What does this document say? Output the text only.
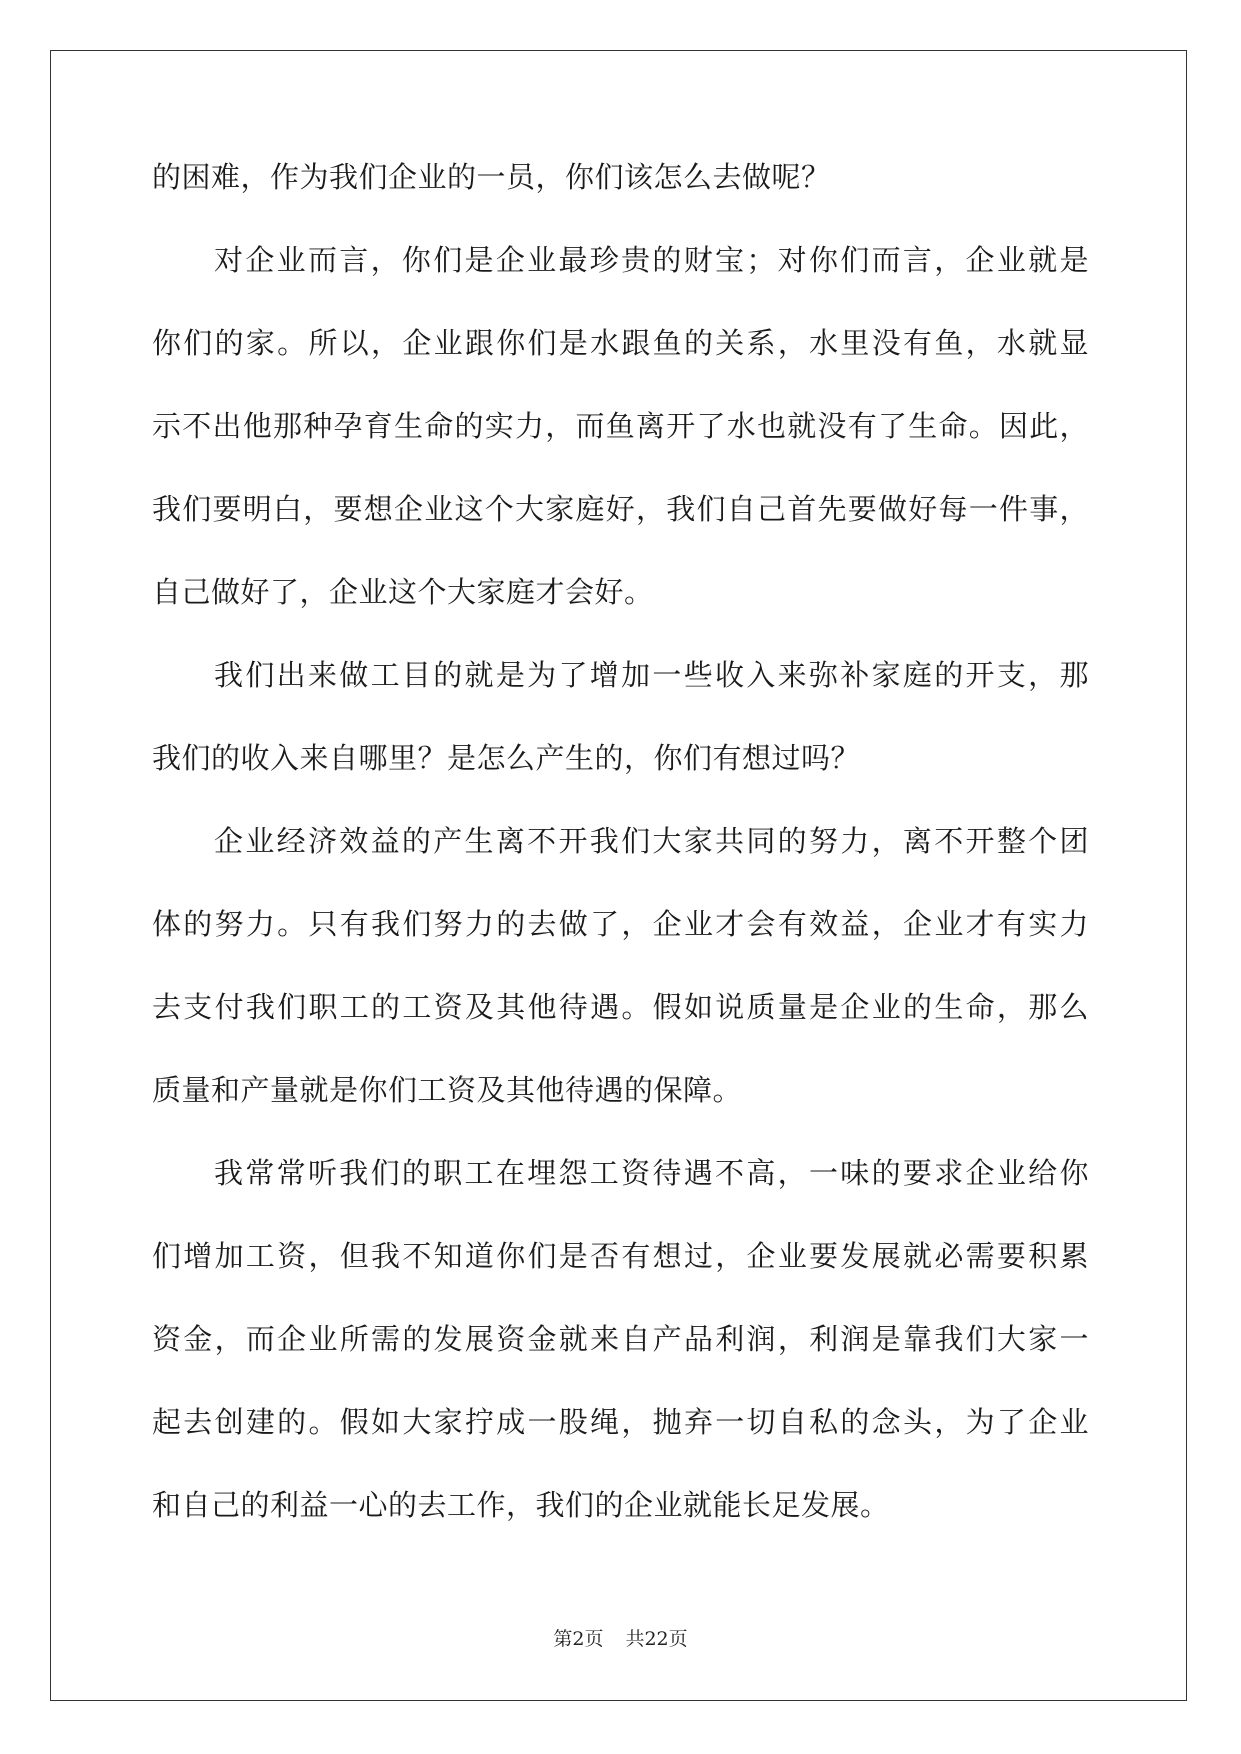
的困难，作为我们企业的一员，你们该怎么去做呢？
对企业而言，你们是企业最珍贵的财宝；对你们而言，企业就是
你们的家。所以，企业跟你们是水跟鱼的关系，水里没有鱼，水就显
示不出他那种孕育生命的实力，而鱼离开了水也就没有了生命。因此，
我们要明白，要想企业这个大家庭好，我们自己首先要做好每一件事，
自己做好了，企业这个大家庭才会好。
我们出来做工目的就是为了增加一些收入来弥补家庭的开支，那
我们的收入来自哪里？是怎么产生的，你们有想过吗？
企业经济效益的产生离不开我们大家共同的努力，离不开整个团
体的努力。只有我们努力的去做了，企业才会有效益，企业才有实力
去支付我们职工的工资及其他待遇。假如说质量是企业的生命，那么
质量和产量就是你们工资及其他待遇的保障。
我常常听我们的职工在埋怨工资待遇不高，一味的要求企业给你
们增加工资，但我不知道你们是否有想过，企业要发展就必需要积累
资金，而企业所需的发展资金就来自产品利润，利润是靠我们大家一
起去创建的。假如大家拧成一股绳，抛弃一切自私的念头，为了企业
和自己的利益一心的去工作，我们的企业就能长足发展。
第2页 共22页
